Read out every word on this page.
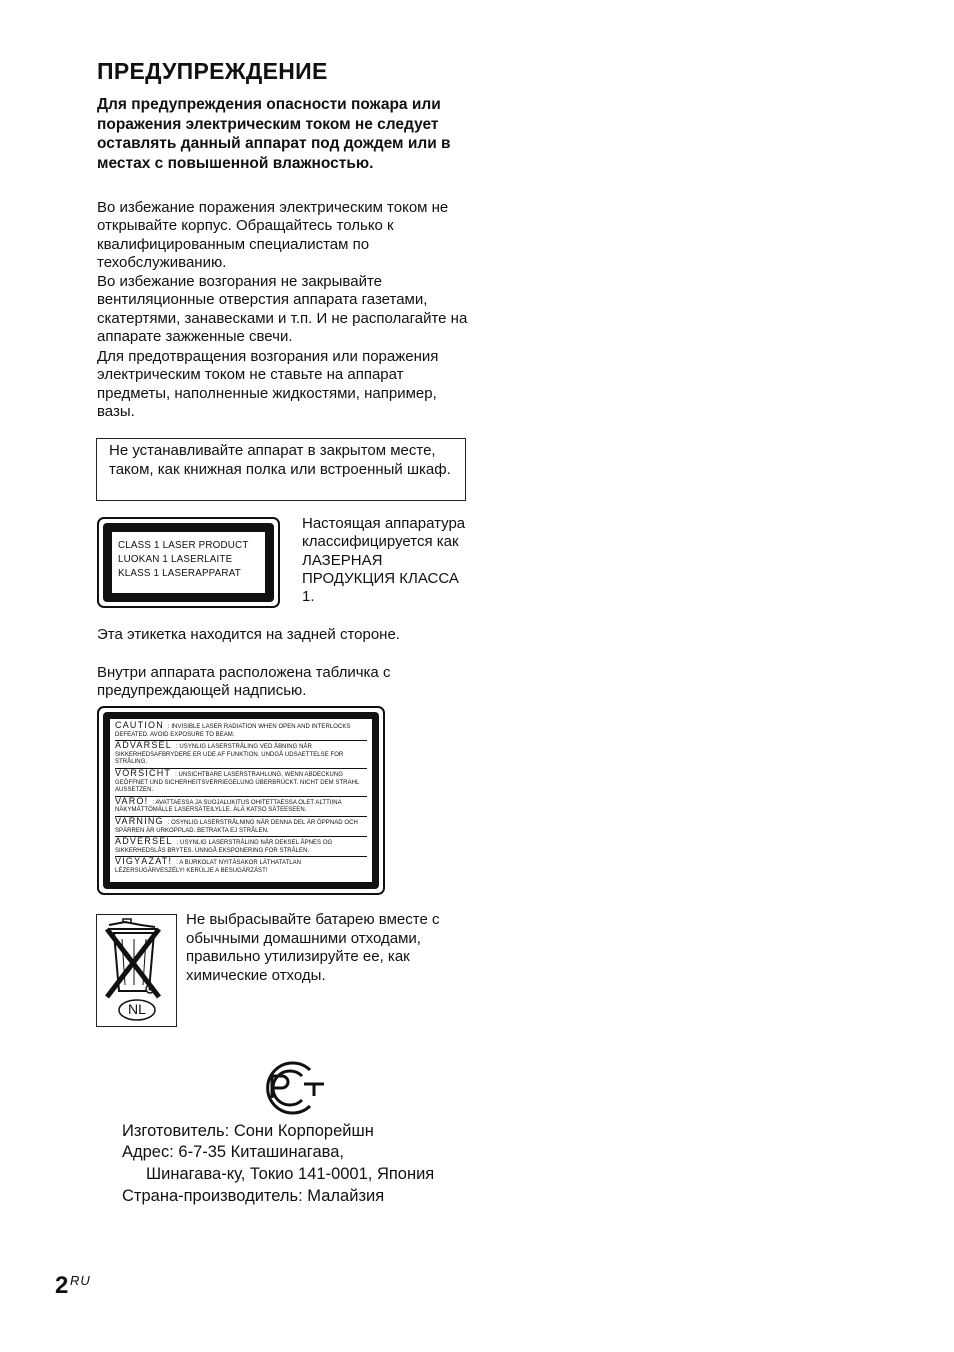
ПРЕДУПРЕЖДЕНИЕ
Для предупреждения опасности пожара или поражения электрическим током не следует оставлять данный аппарат под дождем или в местах с повышенной влажностью.
Во избежание поражения электрическим током не открывайте корпус. Обращайтесь только к квалифицированным специалистам по техобслуживанию.
Во избежание возгорания не закрывайте вентиляционные отверстия аппарата газетами, скатертями, занавесками и т.п. И не располагайте на аппарате зажженные свечи.
Для предотвращения возгорания или поражения электрическим током не ставьте на аппарат предметы, наполненные жидкостями, например, вазы.
Не устанавливайте аппарат в закрытом месте, таком, как книжная полка или встроенный шкаф.
CLASS 1 LASER PRODUCT
LUOKAN 1 LASERLAITE
KLASS 1 LASERAPPARAT
Настоящая аппаратура классифицируется как ЛАЗЕРНАЯ ПРОДУКЦИЯ КЛАССА 1.
Эта этикетка находится на задней стороне.
Внутри аппарата расположена табличка с предупреждающей надписью.
CAUTION : INVISIBLE LASER RADIATION WHEN OPEN AND INTERLOCKS DEFEATED. AVOID EXPOSURE TO BEAM.
ADVARSEL : USYNLIG LASERSTRÅLING VED ÅBNING NÅR SIKKERHEDSAFBRYDERE ER UDE AF FUNKTION. UNDGÅ UDSAETTELSE FOR STRÅLING.
VORSICHT : UNSICHTBARE LASERSTRAHLUNG, WENN ABDECKUNG GEÖFFNET UND SICHERHEITSVERRIEGELUNG ÜBERBRÜCKT. NICHT DEM STRAHL AUSSETZEN.
VARO! : AVATTAESSA JA SUOJALUKITUS OHITETTAESSA OLET ALTTIINA NÄKYMÄTTÖMÄLLE LASERSÄTEILYLLE. ÄLÄ KATSO SÄTEESEEN.
VARNING : OSYNLIG LASERSTRÅLNING NÄR DENNA DEL ÄR ÖPPNAD OCH SPÄRREN ÄR URKOPPLAD. BETRAKTA EJ STRÅLEN.
ADVERSEL : USYNLIG LASERSTRÅLING NÅR DEKSEL ÅPNES OG SIKKERHEDSLÅS BRYTES. UNNGÅ EKSPONERING FOR STRÅLEN.
VIGYÁZAT! : A BURKOLAT NYITÁSAKOR LÁTHATATLAN LÉZERSUGÁRVESZÉLY! KERÜLJE A BESUGÁRZÁST!
NL
Не выбрасывайте батарею вместе с обычными домашними отходами, правильно утилизируйте ее, как химические отходы.
Изготовитель: Сони Корпорейшн
Адрес: 6-7-35 Киташинагава,
Шинагава-ку, Токио 141-0001, Япония
Страна-производитель: Малайзия
2 RU
